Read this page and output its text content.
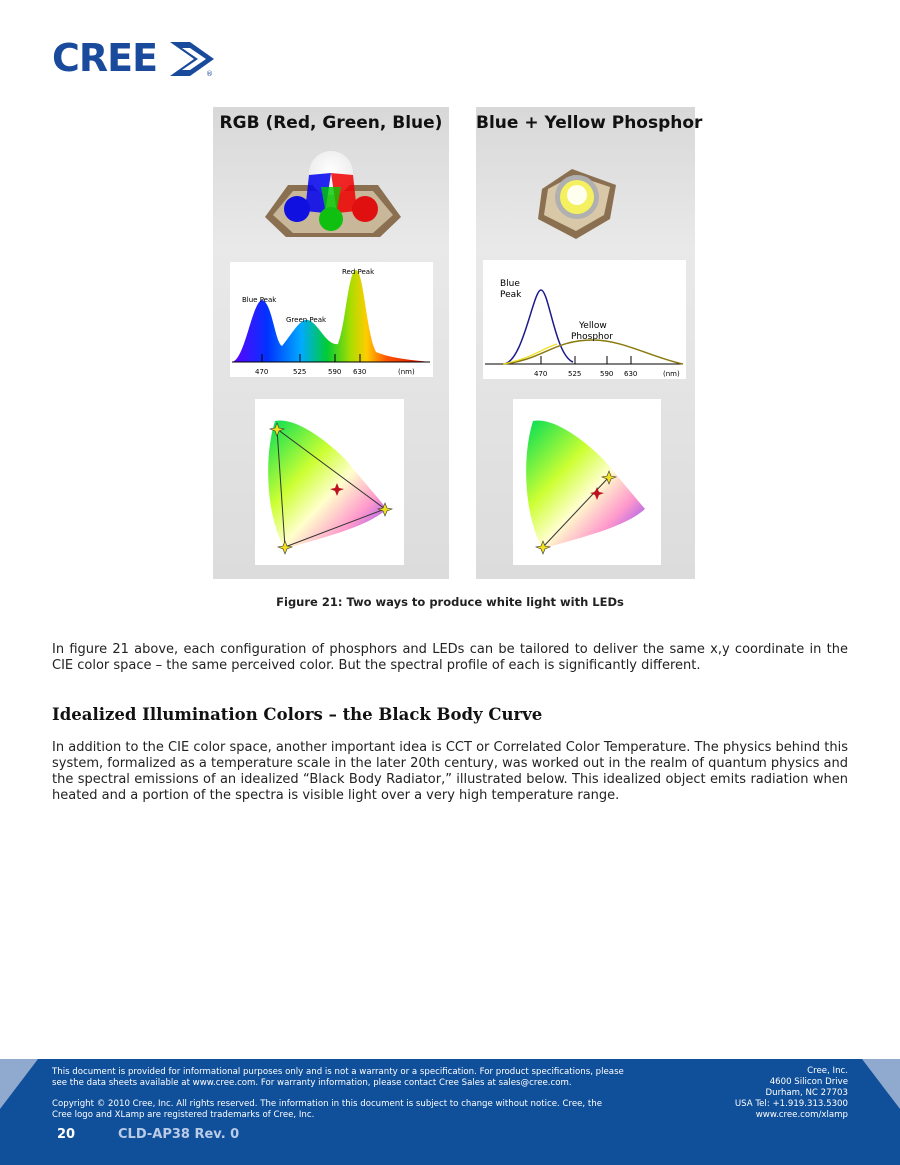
CREE	®
RGB (Red, Green, Blue)
Blue Peak
Green Peak
Red Peak
470	525	590 630	(nm)
Blue + Yellow Phosphor
Blue
Peak
Yellow
Phosphor
470	525	590 630	(nm)
Figure 21: Two ways to produce white light with LEDs

In figure 21 above, each configuration of phosphors and LEDs can be tailored to deliver the same x,y coordinate in the CIE color space – the same perceived color. But the spectral profile of each is significantly different.

Idealized Illumination Colors – the Black Body Curve

In addition to the CIE color space, another important idea is CCT or Correlated Color Temperature. The physics behind this system, formalized as a temperature scale in the later 20th century, was worked out in the realm of quantum physics and the spectral emissions of an idealized “Black Body Radiator,” illustrated below. This idealized object emits radiation when heated and a portion of the spectra is visible light over a very high temperature range.

This document is provided for informational purposes only and is not a warranty or a specification. For product specifications, please

see the data sheets available at www.cree.com. For warranty information, please contact Cree Sales at sales@cree.com.

Copyright © 2010 Cree, Inc. All rights reserved. The information in this document is subject to change without notice. Cree, the

Cree logo and XLamp are registered trademarks of Cree, Inc.

Cree, Inc.
4600 Silicon Drive
Durham, NC 27703
USA Tel: +1.919.313.5300
www.cree.com/xlamp
20	CLD-AP38 Rev. 0
